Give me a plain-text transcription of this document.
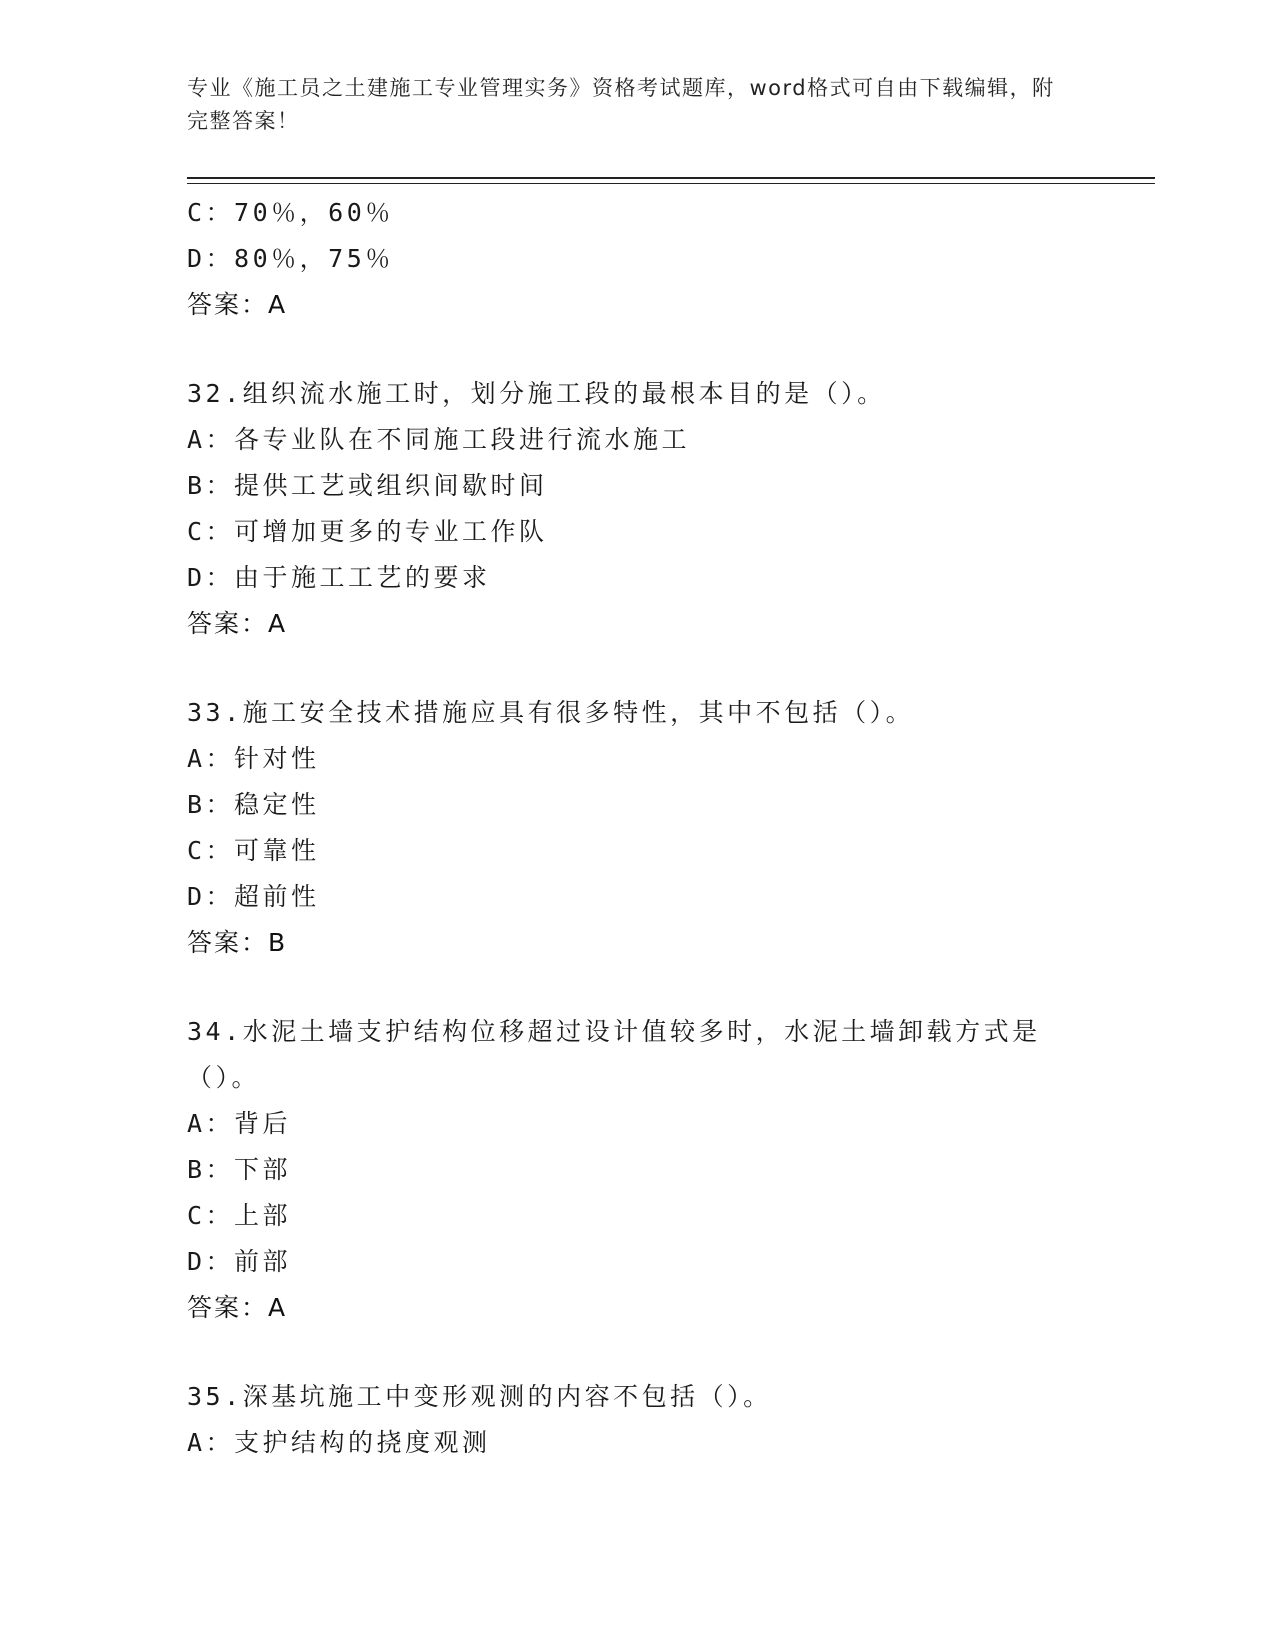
专业《施工员之土建施工专业管理实务》资格考试题库，word格式可自由下载编辑，附完整答案！
C：70％，60％
D：80％，75％
答案：A
32.组织流水施工时，划分施工段的最根本目的是（）。
A：各专业队在不同施工段进行流水施工
B：提供工艺或组织间歇时间
C：可增加更多的专业工作队
D：由于施工工艺的要求
答案：A
33.施工安全技术措施应具有很多特性，其中不包括（）。
A：针对性
B：稳定性
C：可靠性
D：超前性
答案：B
34.水泥土墙支护结构位移超过设计值较多时，水泥土墙卸载方式是（）。
A：背后
B：下部
C：上部
D：前部
答案：A
35.深基坑施工中变形观测的内容不包括（）。
A：支护结构的挠度观测
